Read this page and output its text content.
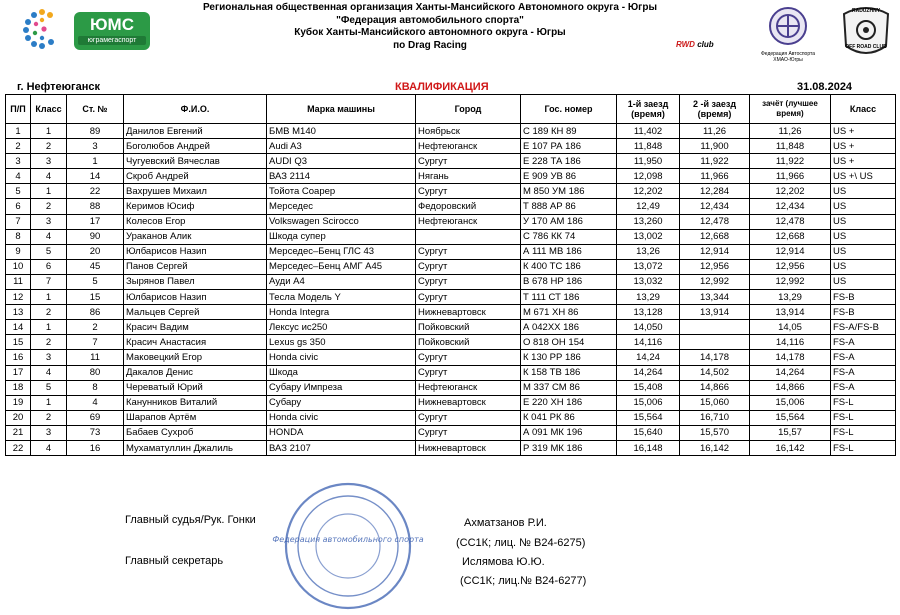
ЮМС
юграмегаспорт
Региональная общественная организация Ханты-Мансийского Автономного округа - Югры
"Федерация автомобильного спорта"
Кубок Ханты-Мансийского автономного округа - Югры
по Drag Racing	RWD club
Федерация Автоспорта ХМАО-Югры
RADUZHNY
OFF ROAD CLUB
г. Нефтеюганск	КВАЛИФИКАЦИЯ	31.08.2024
П/П	Класс	Ст. №	Ф.И.О.	Марка машины	Город	Гос. номер	1-й заезд (время)	2 -й заезд (время)	зачёт (лучшее время)	Класс
1	1	89	Данилов Евгений	БМВ М140	Ноябрьск	С 189 КН 89	11,402	11,26	11,26	US +
2	2	3	Боголюбов Андрей	Audi A3	Нефтеюганск	Е 107 РА 186	11,848	11,900	11,848	US +
3	3	1	Чугуевский Вячеслав	AUDI Q3	Сургут	Е 228 ТА 186	11,950	11,922	11,922	US +
4	4	14	Скроб Андрей	ВАЗ 2114	Нягань	Е 909 УВ 86	12,098	11,966	11,966	US +\ US
5	1	22	Вахрушев Михаил	Тойота Соарер	Сургут	М 850 УМ 186	12,202	12,284	12,202	US
6	2	88	Керимов Юсиф	Мерседес	Федоровский	Т 888 АР 86	12,49	12,434	12,434	US
7	3	17	Колесов Егор	Volkswagen Scirocco	Нефтеюганск	У 170 АМ 186	13,260	12,478	12,478	US
8	4	90	Ураканов Алик	Шкода супер		С 786 КК 74	13,002	12,668	12,668	US
9	5	20	Юлбарисов Назип	Мерседес–Бенц ГЛС 43	Сургут	А 111 МВ 186	13,26	12,914	12,914	US
10	6	45	Панов Сергей	Мерседес–Бенц АМГ А45	Сургут	К 400 ТС 186	13,072	12,956	12,956	US
11	7	5	Зырянов Павел	Ауди А4	Сургут	В 678 НР 186	13,032	12,992	12,992	US
12	1	15	Юлбарисов Назип	Тесла Модель Y	Сургут	Т 111 СТ 186	13,29	13,344	13,29	FS-B
13	2	86	Мальцев Сергей	Honda Integra	Нижневартовск	М 671 ХН 86	13,128	13,914	13,914	FS-B
14	1	2	Красич Вадим	Лексус ис250	Пойковский	А 042ХХ 186	14,050		14,05	FS-A/FS-B
15	2	7	Красич Анастасия	Lexus gs 350	Пойковский	О 818 ОН 154	14,116		14,116	FS-A
16	3	11	Маковецкий Егор	Honda civic	Сургут	К 130 РР 186	14,24	14,178	14,178	FS-A
17	4	80	Дакалов Денис	Шкода	Сургут	К 158 ТВ 186	14,264	14,502	14,264	FS-A
18	5	8	Череватый Юрий	Субару Импреза	Нефтеюганск	М 337 СМ 86	15,408	14,866	14,866	FS-A
19	1	4	Канунников Виталий	Субару	Нижневартовск	Е 220 ХН 186	15,006	15,060	15,006	FS-L
20	2	69	Шарапов Артём	Honda civic	Сургут	К 041 РК 86	15,564	16,710	15,564	FS-L
21	3	73	Бабаев Сухроб	HONDA	Сургут	А 091 МК 196	15,640	15,570	15,57	FS-L
22	4	16	Мухаматуллин Джалиль	ВАЗ 2107	Нижневартовск	Р 319 МК 186	16,148	16,142	16,142	FS-L
Главный судья/Рук. Гонки	Ахматзанов Р.И.
(СС1К; лиц. № В24-6275)
Главный секретарь	Ислямова Ю.Ю.
(СС1К; лиц.№ В24-6277)
Федерация автомобильного спорта
